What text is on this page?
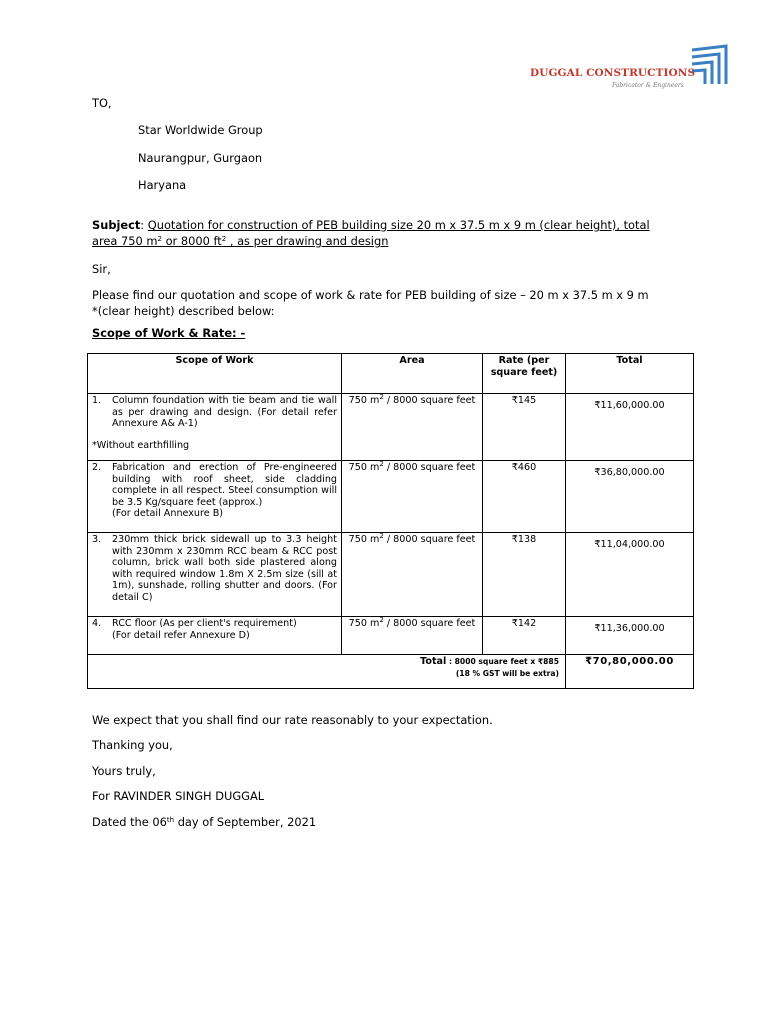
DUGGAL CONSTRUCTIONS
Fabricator & Engineers
TO,
Star Worldwide Group
Naurangpur, Gurgaon
Haryana
Subject: Quotation for construction of PEB building size 20 m x 37.5 m x 9 m (clear height), total
area 750 $m^2$ or 8000 $ft^2$ , as per drawing and design
Sir,
Please find our quotation and scope of work & rate for PEB building of size – 20 m x 37.5 m x 9 m
*(clear height) described below:
Scope of Work & Rate: -
Scope of Work	Area	Rate (per square feet)	Total

1. Column foundation with tie beam and tie wall as per drawing and design. (For detail refer Annexure A& A-1)
*Without earthfilling	750 $m^2 / 8000$ square feet	₹145	₹11,60,000.00

2. Fabrication and erection of Pre-engineered building with roof sheet, side cladding complete in all respect. Steel consumption will be 3.5 Kg/square feet (approx.)
(For detail Annexure B)	750 $m^2 / 8000$ square feet	₹460	₹36,80,000.00

3. 230mm thick brick sidewall up to 3.3 height with 230mm x 230mm RCC beam & RCC post column, brick wall both side plastered along with required window 1.8m X 2.5m size (sill at 1m), sunshade, rolling shutter and doors. (For detail C)	750 $m^2 / 8000$ square feet	₹138	₹11,04,000.00

4. RCC floor (As per client's requirement)
(For detail refer Annexure D)	750 $m^2 / 8000$ square feet	₹142	₹11,36,000.00

Total : 8000 square feet x ₹885
(18 % GST will be extra)			₹70,80,000.00
We expect that you shall find our rate reasonably to your expectation.
Thanking you,
Yours truly,
For RAVINDER SINGH DUGGAL
Dated the 06th day of September, 2021
